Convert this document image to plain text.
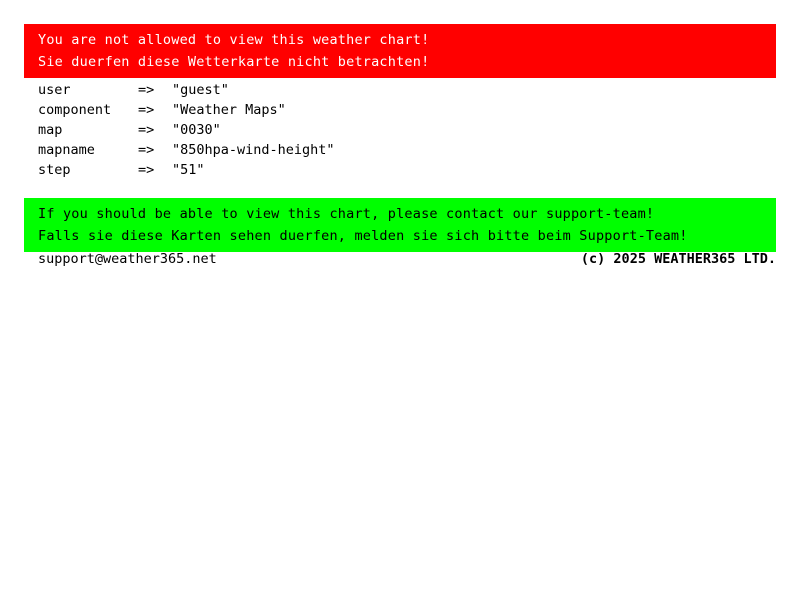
You are not allowed to view this weather chart!
Sie duerfen diese Wetterkarte nicht betrachten!
user	=>	"guest"
component	=>	"Weather Maps"
map	=>	"0030"
mapname	=>	"850hpa-wind-height"
step	=>	"51"
If you should be able to view this chart, please contact our support-team!
Falls sie diese Karten sehen duerfen, melden sie sich bitte beim Support-Team!
support@weather365.net	(c) 2025 WEATHER365 LTD.
